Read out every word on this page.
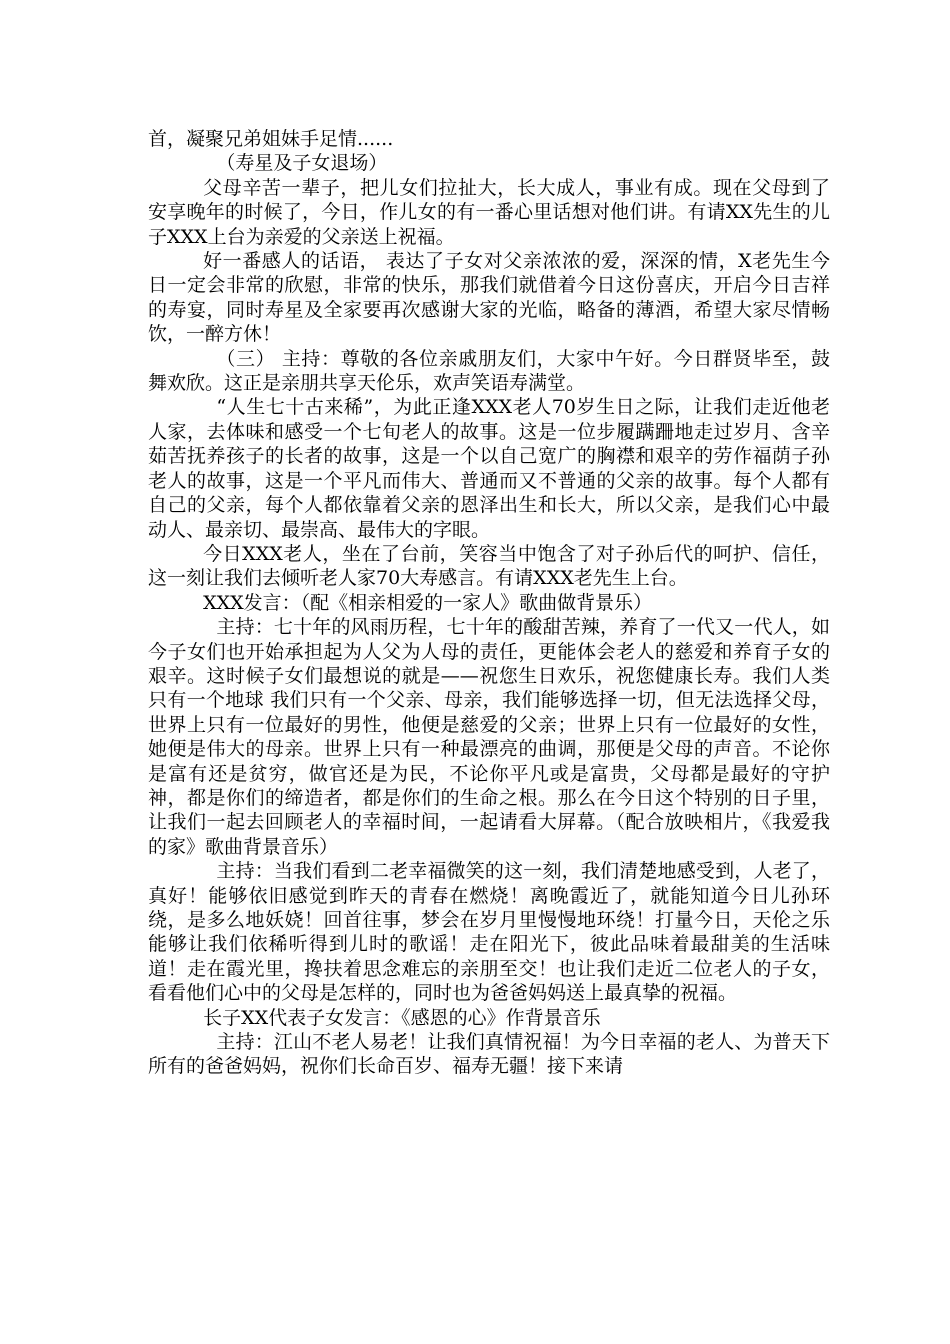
首，凝聚兄弟姐妹手足情......

（寿星及子女退场）

父母辛苦一辈子，把儿女们拉扯大，长大成人，事业有成。现在父母到了安享晚年的时候了，今日，作儿女的有一番心里话想对他们讲。有请XX先生的儿子XXX上台为亲爱的父亲送上祝福。

好一番感人的话语， 表达了子女对父亲浓浓的爱，深深的情，X老先生今日一定会非常的欣慰，非常的快乐，那我们就借着今日这份喜庆，开启今日吉祥的寿宴，同时寿星及全家要再次感谢大家的光临，略备的薄酒，希望大家尽情畅饮，一醉方休！

（三） 主持：尊敬的各位亲戚朋友们，大家中午好。今日群贤毕至，鼓舞欢欣。这正是亲朋共享天伦乐，欢声笑语寿满堂。

“人生七十古来稀”，为此正逢XXX老人70岁生日之际，让我们走近他老人家，去体味和感受一个七旬老人的故事。这是一位步履蹒跚地走过岁月、含辛茹苦抚养孩子的长者的故事，这是一个以自己宽广的胸襟和艰辛的劳作福荫子孙老人的故事，这是一个平凡而伟大、普通而又不普通的父亲的故事。每个人都有自己的父亲，每个人都依靠着父亲的恩泽出生和长大，所以父亲，是我们心中最动人、最亲切、最崇高、最伟大的字眼。

今日XXX老人，坐在了台前，笑容当中饱含了对子孙后代的呵护、信任，这一刻让我们去倾听老人家70大寿感言。有请XXX老先生上台。

XXX发言：（配《相亲相爱的一家人》歌曲做背景乐）

主持：七十年的风雨历程，七十年的酸甜苦辣，养育了一代又一代人，如今子女们也开始承担起为人父为人母的责任，更能体会老人的慈爱和养育子女的艰辛。这时候子女们最想说的就是——祝您生日欢乐，祝您健康长寿。我们人类只有一个地球 我们只有一个父亲、母亲，我们能够选择一切，但无法选择父母，世界上只有一位最好的男性，他便是慈爱的父亲；世界上只有一位最好的女性，她便是伟大的母亲。世界上只有一种最漂亮的曲调，那便是父母的声音。不论你是富有还是贫穷，做官还是为民，不论你平凡或是富贵，父母都是最好的守护神，都是你们的缔造者，都是你们的生命之根。那么在今日这个特别的日子里，让我们一起去回顾老人的幸福时间，一起请看大屏幕。（配合放映相片，《我爱我的家》歌曲背景音乐）

主持：当我们看到二老幸福微笑的这一刻，我们清楚地感受到，人老了，真好！能够依旧感觉到昨天的青春在燃烧！离晚霞近了，就能知道今日儿孙环绕，是多么地妖娆！回首往事，梦会在岁月里慢慢地环绕！打量今日，天伦之乐能够让我们依稀听得到儿时的歌谣！走在阳光下，彼此品味着最甜美的生活味道！走在霞光里，搀扶着思念难忘的亲朋至交！也让我们走近二位老人的子女，看看他们心中的父母是怎样的，同时也为爸爸妈妈送上最真挚的祝福。

长子XX代表子女发言：《感恩的心》作背景音乐

主持：江山不老人易老！让我们真情祝福！为今日幸福的老人、为普天下所有的爸爸妈妈，祝你们长命百岁、福寿无疆！接下来请
